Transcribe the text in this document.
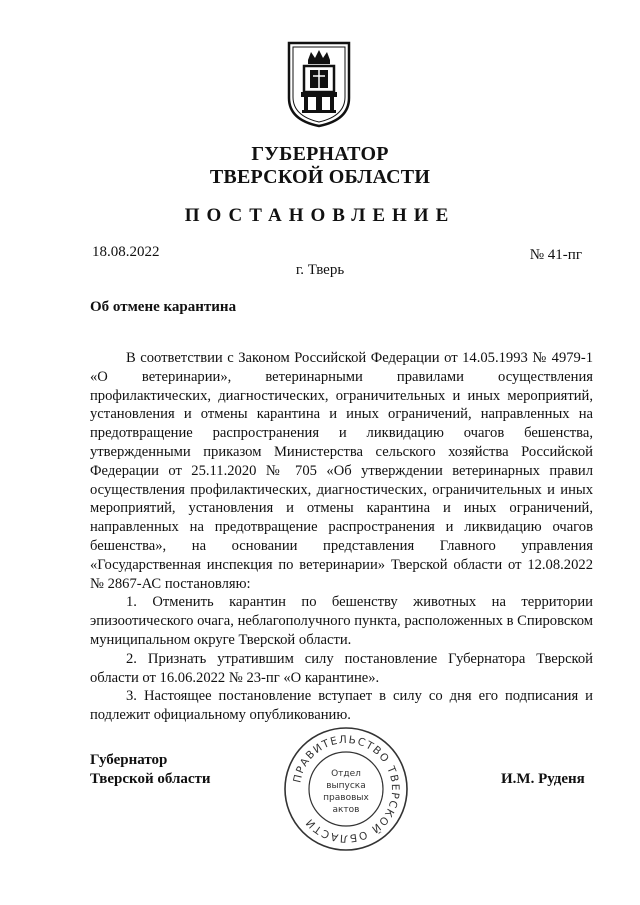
ГУБЕРНАТОР
ТВЕРСКОЙ ОБЛАСТИ
ПОСТАНОВЛЕНИЕ
18.08.2022	№ 41-пг
г. Тверь
Об отмене карантина

В соответствии с Законом Российской Федерации от 14.05.1993 № 4979-1 «О ветеринарии», ветеринарными правилами осуществления профилактических, диагностических, ограничительных и иных мероприятий, установления и отмены карантина и иных ограничений, направленных на предотвращение распространения и ликвидацию очагов бешенства, утвержденными приказом Министерства сельского хозяйства Российской Федерации от 25.11.2020 № 705 «Об утверждении ветеринарных правил осуществления профилактических, диагностических, ограничительных и иных мероприятий, установления и отмены карантина и иных ограничений, направленных на предотвращение распространения и ликвидацию очагов бешенства», на основании представления Главного управления «Государственная инспекция по ветеринарии» Тверской области от 12.08.2022 № 2867-АС постановляю:

1. Отменить карантин по бешенству животных на территории эпизоотического очага, неблагополучного пункта, расположенных в Спировском муниципальном округе Тверской области.

2. Признать утратившим силу постановление Губернатора Тверской области от 16.06.2022 № 23-пг «О карантине».

3. Настоящее постановление вступает в силу со дня его подписания и подлежит официальному опубликованию.

Губернатор
Тверской области	И.М. Руденя
ПРАВИТЕЛЬСТВО ТВЕРСКОЙ ОБЛАСТИ
Отдел
выпуска
правовых
актов
